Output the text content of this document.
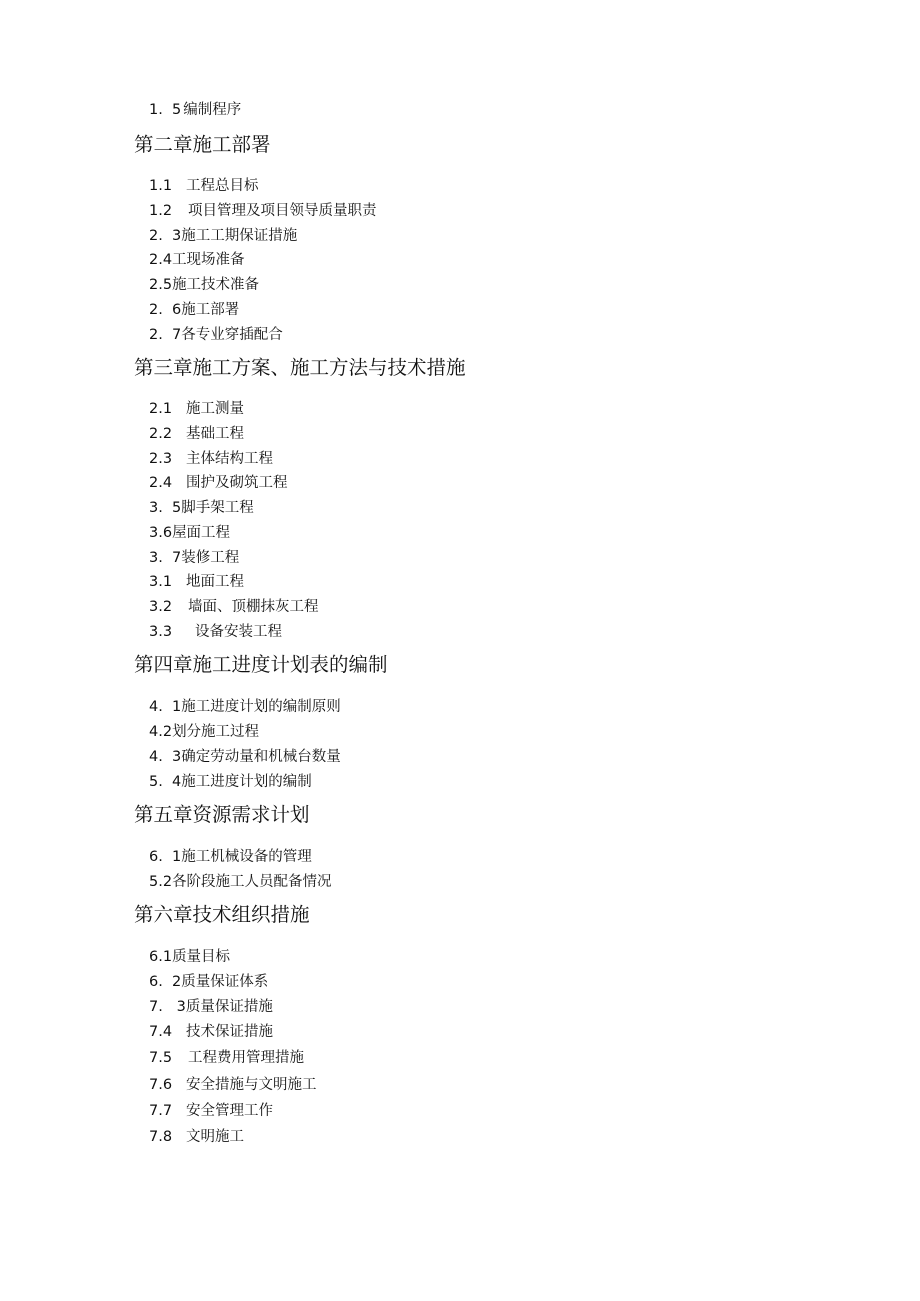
1.  5 编制程序
第二章施工部署
1.1 工程总目标
1.2 项目管理及项目领导质量职责
2.  3施工工期保证措施
2.4工现场准备
2.5施工技术准备
2.  6施工部署
2.  7各专业穿插配合
第三章施工方案、施工方法与技术措施
2.1 施工测量
2.2 基础工程
2.3 主体结构工程
2.4 围护及砌筑工程
3.  5脚手架工程
3.6屋面工程
3.  7装修工程
3.1 地面工程
3.2 墙面、顶棚抹灰工程
3.3 设备安装工程
第四章施工进度计划表的编制
4.  1施工进度计划的编制原则
4.2划分施工过程
4.  3确定劳动量和机械台数量
5.  4施工进度计划的编制
第五章资源需求计划
6.  1施工机械设备的管理
5.2各阶段施工人员配备情况
第六章技术组织措施
6.1质量目标
6.  2质量保证体系
7.   3质量保证措施
7.4 技术保证措施
7.5 工程费用管理措施
7.6 安全措施与文明施工
7.7 安全管理工作
7.8 文明施工
